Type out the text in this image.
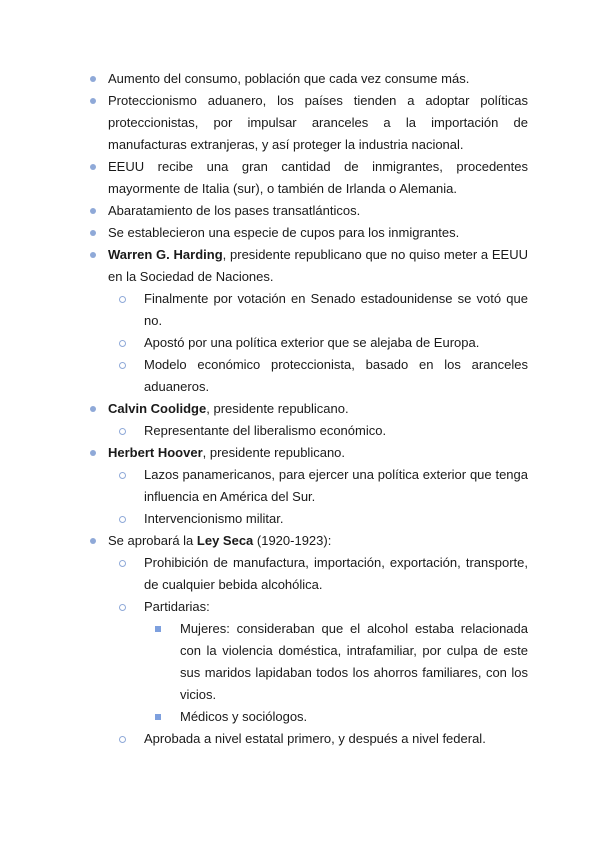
Aumento del consumo, población que cada vez consume más.
Proteccionismo aduanero, los países tienden a adoptar políticas proteccionistas, por impulsar aranceles a la importación de manufacturas extranjeras, y así proteger la industria nacional.
EEUU recibe una gran cantidad de inmigrantes, procedentes mayormente de Italia (sur), o también de Irlanda o Alemania.
Abaratamiento de los pases transatlánticos.
Se establecieron una especie de cupos para los inmigrantes.
Warren G. Harding, presidente republicano que no quiso meter a EEUU en la Sociedad de Naciones.
Finalmente por votación en Senado estadounidense se votó que no.
Apostó por una política exterior que se alejaba de Europa.
Modelo económico proteccionista, basado en los aranceles aduaneros.
Calvin Coolidge, presidente republicano.
Representante del liberalismo económico.
Herbert Hoover, presidente republicano.
Lazos panamericanos, para ejercer una política exterior que tenga influencia en América del Sur.
Intervencionismo militar.
Se aprobará la Ley Seca (1920-1923):
Prohibición de manufactura, importación, exportación, transporte, de cualquier bebida alcohólica.
Partidarias:
Mujeres: consideraban que el alcohol estaba relacionada con la violencia doméstica, intrafamiliar, por culpa de este sus maridos lapidaban todos los ahorros familiares, con los vicios.
Médicos y sociólogos.
Aprobada a nivel estatal primero, y después a nivel federal.
